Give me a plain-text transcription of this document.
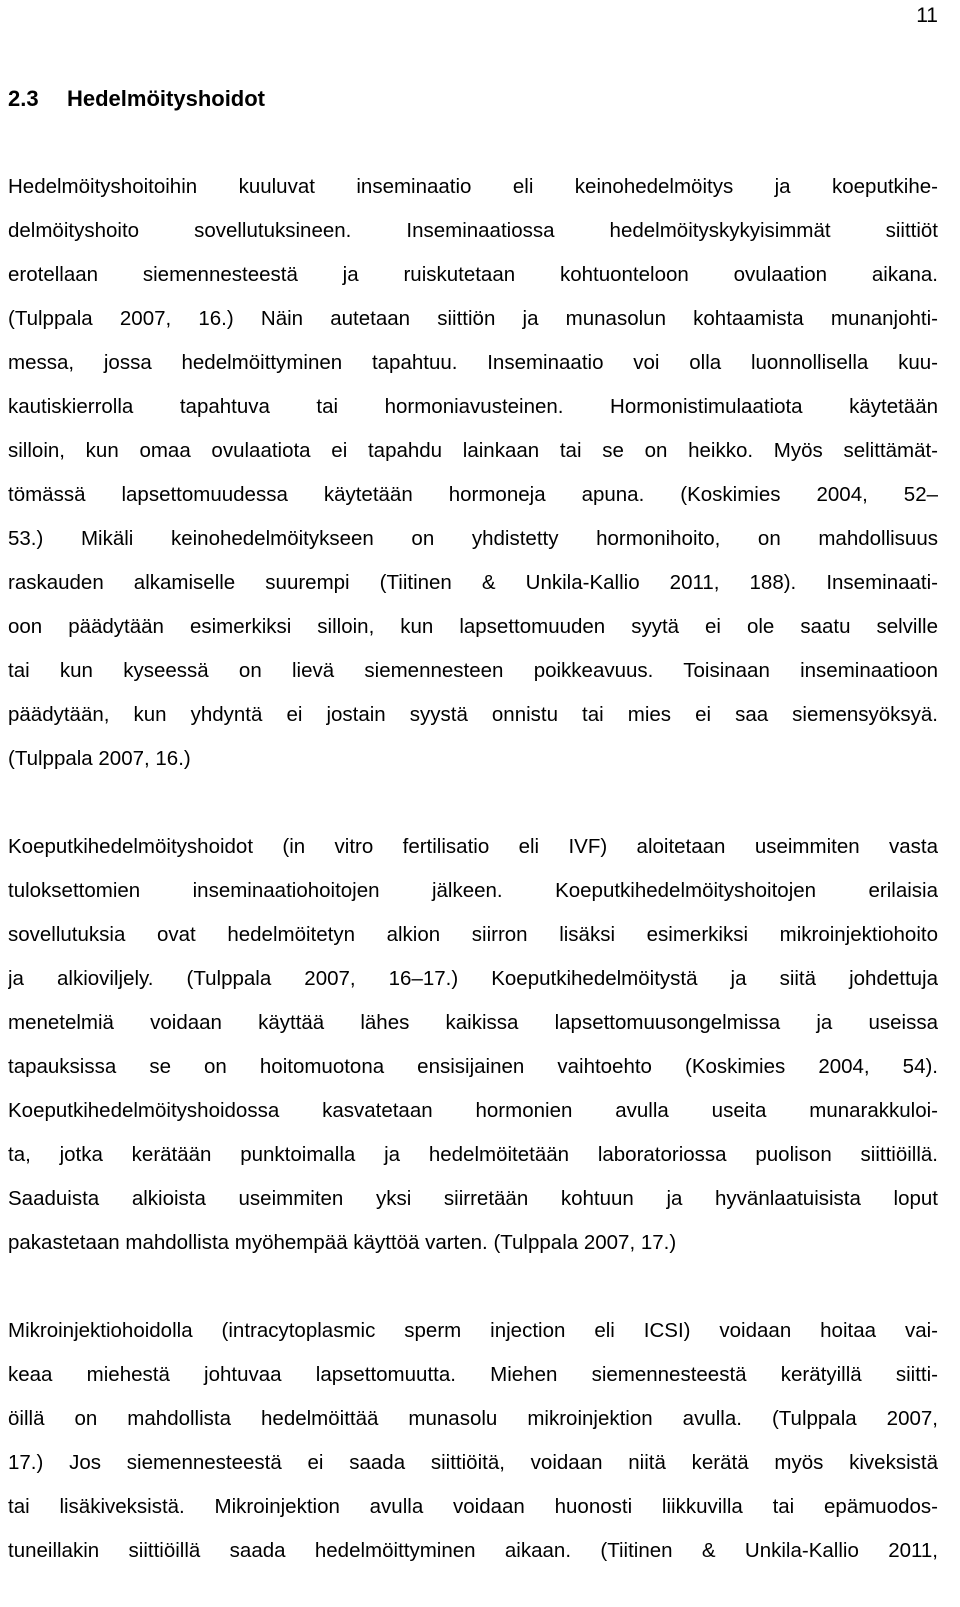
11
2.3 Hedelmöityshoidot
Hedelmöityshoitoihin kuuluvat inseminaatio eli keinohedelmöitys ja koeputkihe-
delmöityshoito sovellutuksineen. Inseminaatiossa hedelmöityskykyisimmät siittiöt
erotellaan siemennesteestä ja ruiskutetaan kohtuonteloon ovulaation aikana.
(Tulppala 2007, 16.) Näin autetaan siittiön ja munasolun kohtaamista munanjohti-
messa, jossa hedelmöittyminen tapahtuu. Inseminaatio voi olla luonnollisella kuu-
kautiskierrolla tapahtuva tai hormoniavusteinen. Hormonistimulaatiota käytetään
silloin, kun omaa ovulaatiota ei tapahdu lainkaan tai se on heikko. Myös selittämät-
tömässä lapsettomuudessa käytetään hormoneja apuna. (Koskimies 2004, 52–
53.) Mikäli keinohedelmöitykseen on yhdistetty hormonihoito, on mahdollisuus
raskauden alkamiselle suurempi (Tiitinen & Unkila-Kallio 2011, 188). Inseminaati-
oon päädytään esimerkiksi silloin, kun lapsettomuuden syytä ei ole saatu selville
tai kun kyseessä on lievä siemennesteen poikkeavuus. Toisinaan inseminaatioon
päädytään, kun yhdyntä ei jostain syystä onnistu tai mies ei saa siemensyöksyä.
(Tulppala 2007, 16.)
Koeputkihedelmöityshoidot (in vitro fertilisatio eli IVF) aloitetaan useimmiten vasta
tuloksettomien inseminaatiohoitojen jälkeen. Koeputkihedelmöityshoitojen erilaisia
sovellutuksia ovat hedelmöitetyn alkion siirron lisäksi esimerkiksi mikroinjektiohoito
ja alkioviljely. (Tulppala 2007, 16–17.) Koeputkihedelmöitystä ja siitä johdettuja
menetelmiä voidaan käyttää lähes kaikissa lapsettomuusongelmissa ja useissa
tapauksissa se on hoitomuotona ensisijainen vaihtoehto (Koskimies 2004, 54).
Koeputkihedelmöityshoidossa kasvatetaan hormonien avulla useita munarakkuloi-
ta, jotka kerätään punktoimalla ja hedelmöitetään laboratoriossa puolison siittiöillä.
Saaduista alkioista useimmiten yksi siirretään kohtuun ja hyvänlaatuisista loput
pakastetaan mahdollista myöhempää käyttöä varten. (Tulppala 2007, 17.)
Mikroinjektiohoidolla (intracytoplasmic sperm injection eli ICSI) voidaan hoitaa vai-
keaa miehestä johtuvaa lapsettomuutta. Miehen siemennesteestä kerätyillä siitti-
öillä on mahdollista hedelmöittää munasolu mikroinjektion avulla. (Tulppala 2007,
17.) Jos siemennesteestä ei saada siittiöitä, voidaan niitä kerätä myös kiveksistä
tai lisäkiveksistä. Mikroinjektion avulla voidaan huonosti liikkuvilla tai epämuodos-
tuneillakin siittiöillä saada hedelmöittyminen aikaan. (Tiitinen & Unkila-Kallio 2011,
